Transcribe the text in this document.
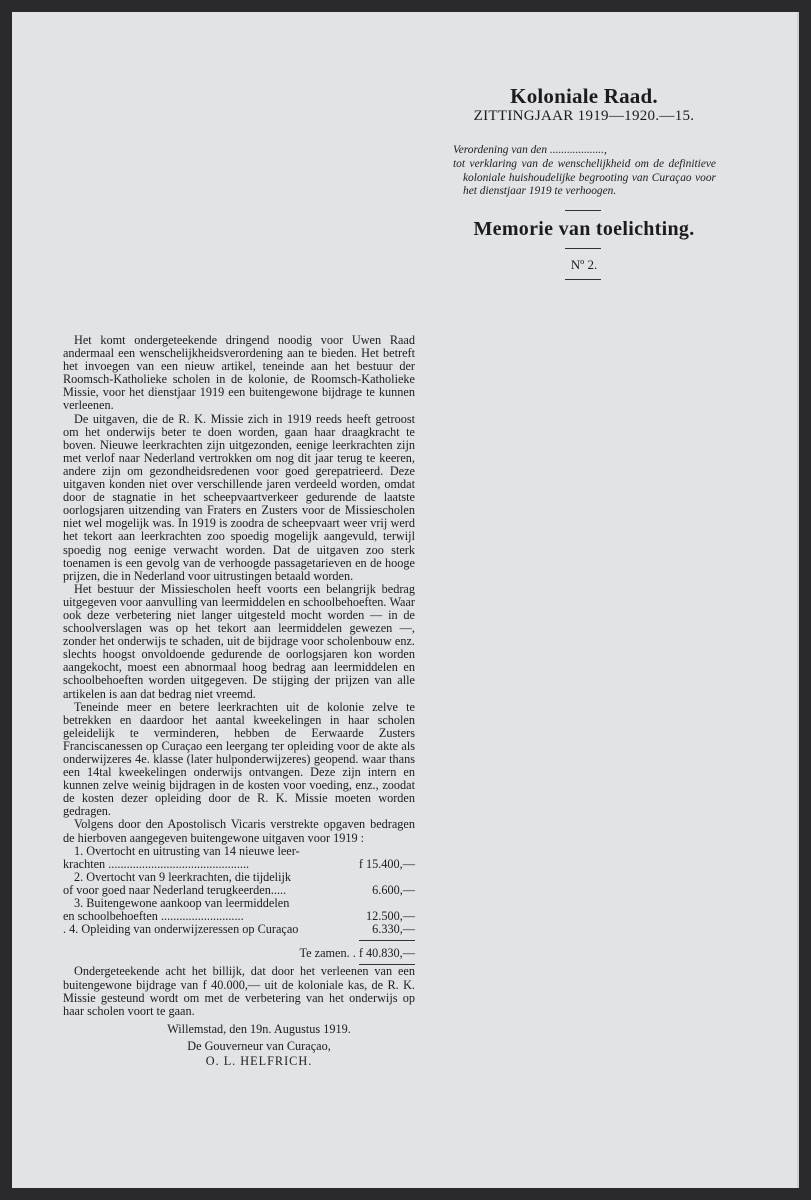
Koloniale Raad.
ZITTINGJAAR 1919—1920.—15.
Verordening van den ...................,
tot verklaring van de wenschelijkheid om de definitieve koloniale huishoudelijke begrooting van Curaçao voor het dienstjaar 1919 te verhoogen.
Memorie van toelichting.
Nº 2.

Het komt ondergeteekende dringend noodig voor Uwen Raad andermaal een wenschelijkheidsverordening aan te bieden. Het betreft het invoegen van een nieuw artikel, teneinde aan het bestuur der Roomsch-Katholieke scholen in de kolonie, de Roomsch-Katholieke Missie, voor het dienstjaar 1919 een buitengewone bijdrage te kunnen verleenen.

De uitgaven, die de R. K. Missie zich in 1919 reeds heeft getroost om het onderwijs beter te doen worden, gaan haar draagkracht te boven. Nieuwe leerkrachten zijn uitgezonden, eenige leerkrachten zijn met verlof naar Nederland vertrokken om nog dit jaar terug te keeren, andere zijn om gezondheidsredenen voor goed gerepatrieerd. Deze uitgaven konden niet over verschillende jaren verdeeld worden, omdat door de stagnatie in het scheepvaartverkeer gedurende de laatste oorlogsjaren uitzending van Fraters en Zusters voor de Missiescholen niet wel mogelijk was. In 1919 is zoodra de scheepvaart weer vrij werd het tekort aan leerkrachten zoo spoedig mogelijk aangevuld, terwijl spoedig nog eenige verwacht worden. Dat de uitgaven zoo sterk toenamen is een gevolg van de verhoogde passagetarieven en de hooge prijzen, die in Nederland voor uitrustingen betaald worden.

Het bestuur der Missiescholen heeft voorts een belangrijk bedrag uitgegeven voor aanvulling van leermiddelen en schoolbehoeften. Waar ook deze verbetering niet langer uitgesteld mocht worden — in de schoolverslagen was op het tekort aan leermiddelen gewezen —, zonder het onderwijs te schaden, uit de bijdrage voor scholenbouw enz. slechts hoogst onvoldoende gedurende de oorlogsjaren kon worden aangekocht, moest een abnormaal hoog bedrag aan leermiddelen en schoolbehoeften worden uitgegeven. De stijging der prijzen van alle artikelen is aan dat bedrag niet vreemd.

Teneinde meer en betere leerkrachten uit de kolonie zelve te betrekken en daardoor het aantal kweekelingen in haar scholen geleidelijk te verminderen, hebben de Eerwaarde Zusters Franciscanessen op Curaçao een leergang ter opleiding voor de akte als onderwijzeres 4e. klasse (later hulponderwijzeres) geopend. waar thans een 14tal kweekelingen onderwijs ontvangen. Deze zijn intern en kunnen zelve weinig bijdragen in de kosten voor voeding, enz., zoodat de kosten dezer opleiding door de R. K. Missie moeten worden gedragen.

Volgens door den Apostolisch Vicaris verstrekte opgaven bedragen de hierboven aangegeven buitengewone uitgaven voor 1919 :

1. Overtocht en uitrusting van 14 nieuwe leer-

krachten ..............................................	f 15.400,—

2. Overtocht van 9 leerkrachten, die tijdelijk

of voor goed naar Nederland terugkeerden.....	6.600,—

3. Buitengewone aankoop van leermiddelen

en schoolbehoeften ...........................	12.500,—

. 4. Opleiding van onderwijzeressen op Curaçao	6.330,—

Te zamen. . f 40.830,—

Ondergeteekende acht het billijk, dat door het verleenen van een buitengewone bijdrage van f 40.000,— uit de koloniale kas, de R. K. Missie gesteund wordt om met de verbetering van het onderwijs op haar scholen voort te gaan.

Willemstad, den 19n. Augustus 1919.

De Gouverneur van Curaçao,

O. L. HELFRICH.
